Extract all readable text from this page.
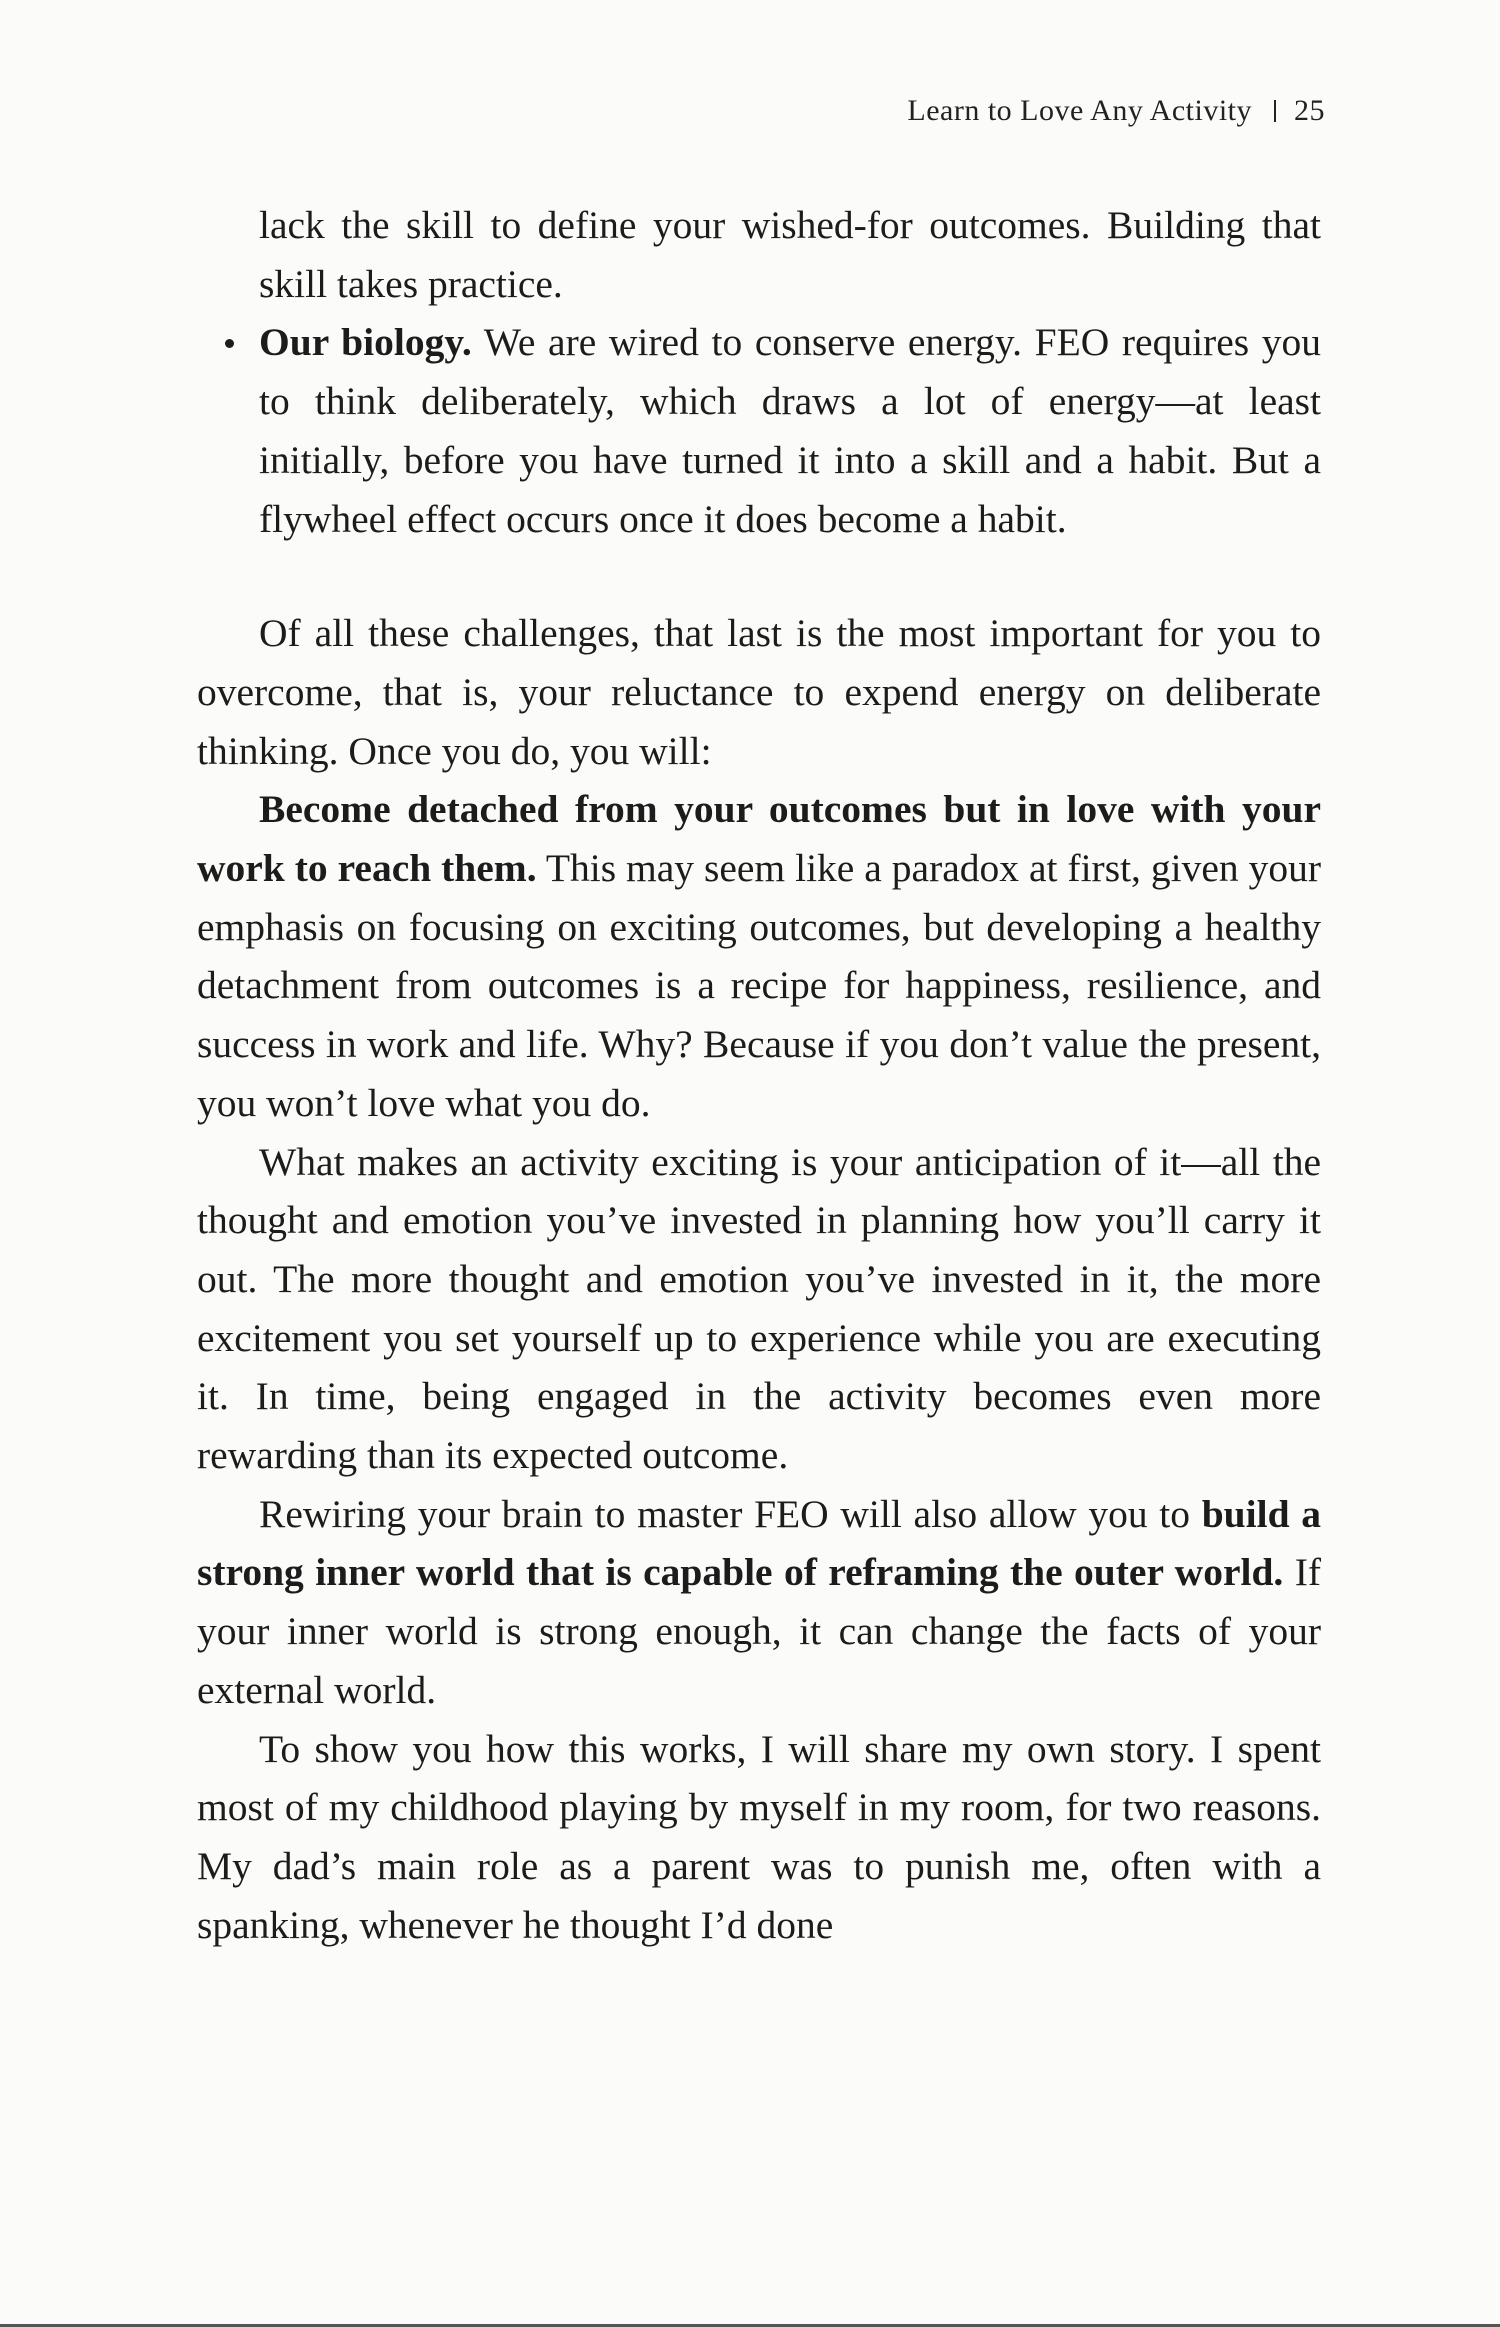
Learn to Love Any Activity 25

lack the skill to define your wished-for outcomes. Building that skill takes practice.

Our biology. We are wired to conserve energy. FEO requires you to think deliberately, which draws a lot of energy—at least initially, before you have turned it into a skill and a habit. But a flywheel effect occurs once it does become a habit.

Of all these challenges, that last is the most important for you to overcome, that is, your reluctance to expend energy on deliberate thinking. Once you do, you will:

Become detached from your outcomes but in love with your work to reach them. This may seem like a paradox at first, given your emphasis on focusing on exciting outcomes, but developing a healthy detachment from outcomes is a recipe for happiness, resilience, and success in work and life. Why? Because if you don’t value the present, you won’t love what you do.

What makes an activity exciting is your anticipation of it—all the thought and emotion you’ve invested in planning how you’ll carry it out. The more thought and emotion you’ve invested in it, the more excitement you set yourself up to experience while you are executing it. In time, being engaged in the activity becomes even more rewarding than its expected outcome.

Rewiring your brain to master FEO will also allow you to build a strong inner world that is capable of reframing the outer world. If your inner world is strong enough, it can change the facts of your external world.

To show you how this works, I will share my own story. I spent most of my childhood playing by myself in my room, for two reasons. My dad’s main role as a parent was to punish me, often with a spanking, whenever he thought I’d done
